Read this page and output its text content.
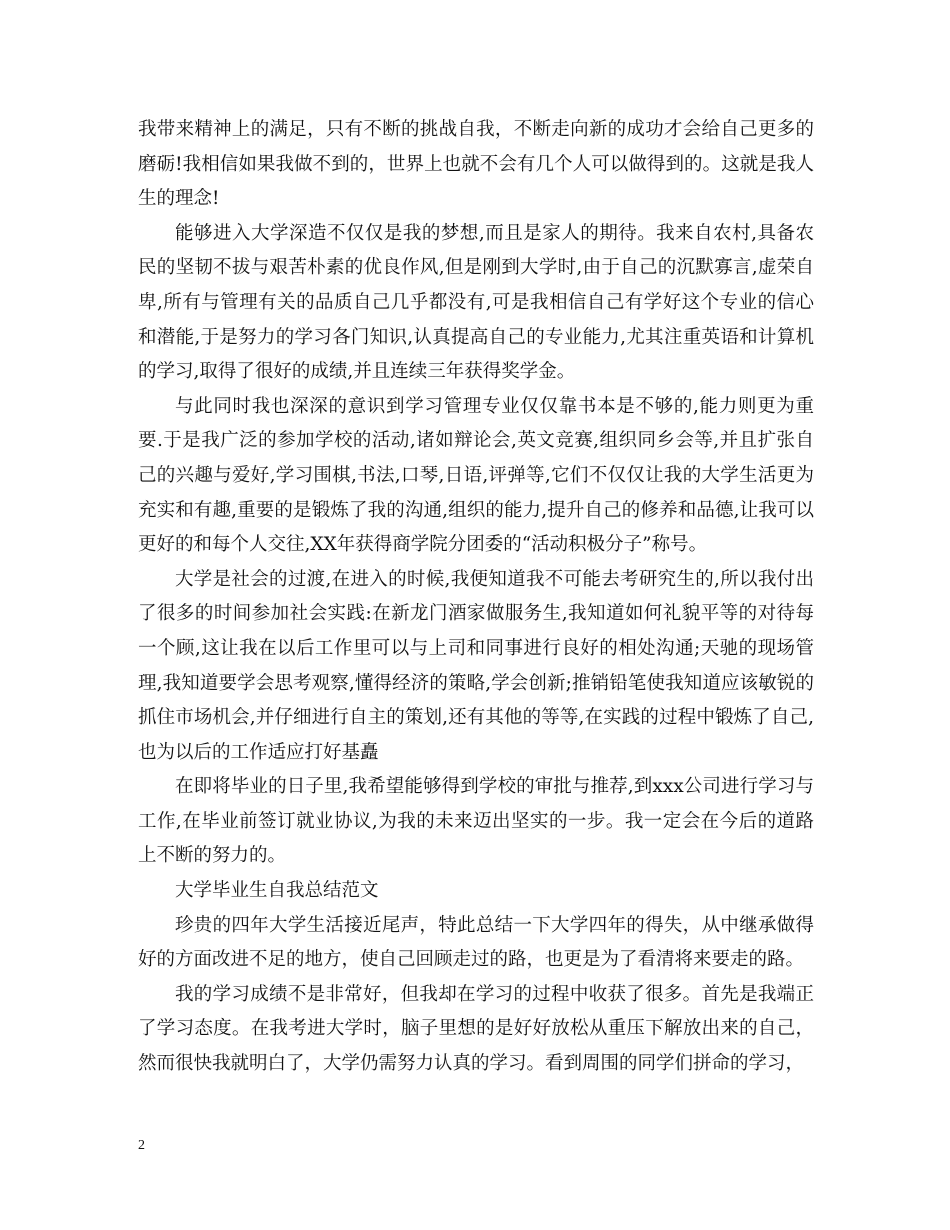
我带来精神上的满足，只有不断的挑战自我，不断走向新的成功才会给自己更多的磨砺!我相信如果我做不到的，世界上也就不会有几个人可以做得到的。这就是我人生的理念!

能够进入大学深造不仅仅是我的梦想,而且是家人的期待。我来自农村,具备农民的坚韧不拔与艰苦朴素的优良作风,但是刚到大学时,由于自己的沉默寡言,虚荣自卑,所有与管理有关的品质自己几乎都没有,可是我相信自己有学好这个专业的信心和潜能,于是努力的学习各门知识,认真提高自己的专业能力,尤其注重英语和计算机的学习,取得了很好的成绩,并且连续三年获得奖学金。

与此同时我也深深的意识到学习管理专业仅仅靠书本是不够的,能力则更为重要.于是我广泛的参加学校的活动,诸如辩论会,英文竞赛,组织同乡会等,并且扩张自己的兴趣与爱好,学习围棋,书法,口琴,日语,评弹等,它们不仅仅让我的大学生活更为充实和有趣,重要的是锻炼了我的沟通,组织的能力,提升自己的修养和品德,让我可以更好的和每个人交往,XX年获得商学院分团委的“活动积极分子”称号。

大学是社会的过渡,在进入的时候,我便知道我不可能去考研究生的,所以我付出了很多的时间参加社会实践:在新龙门酒家做服务生,我知道如何礼貌平等的对待每一个顾,这让我在以后工作里可以与上司和同事进行良好的相处沟通;天驰的现场管理,我知道要学会思考观察,懂得经济的策略,学会创新;推销铅笔使我知道应该敏锐的抓住市场机会,并仔细进行自主的策划,还有其他的等等,在实践的过程中锻炼了自己,也为以后的工作适应打好基矗

在即将毕业的日子里,我希望能够得到学校的审批与推荐,到xxx公司进行学习与工作,在毕业前签订就业协议,为我的未来迈出坚实的一步。我一定会在今后的道路上不断的努力的。

大学毕业生自我总结范文

珍贵的四年大学生活接近尾声，特此总结一下大学四年的得失，从中继承做得好的方面改进不足的地方，使自己回顾走过的路，也更是为了看清将来要走的路。

我的学习成绩不是非常好，但我却在学习的过程中收获了很多。首先是我端正了学习态度。在我考进大学时，脑子里想的是好好放松从重压下解放出来的自己，然而很快我就明白了，大学仍需努力认真的学习。看到周围的同学们拼命的学习，

2
